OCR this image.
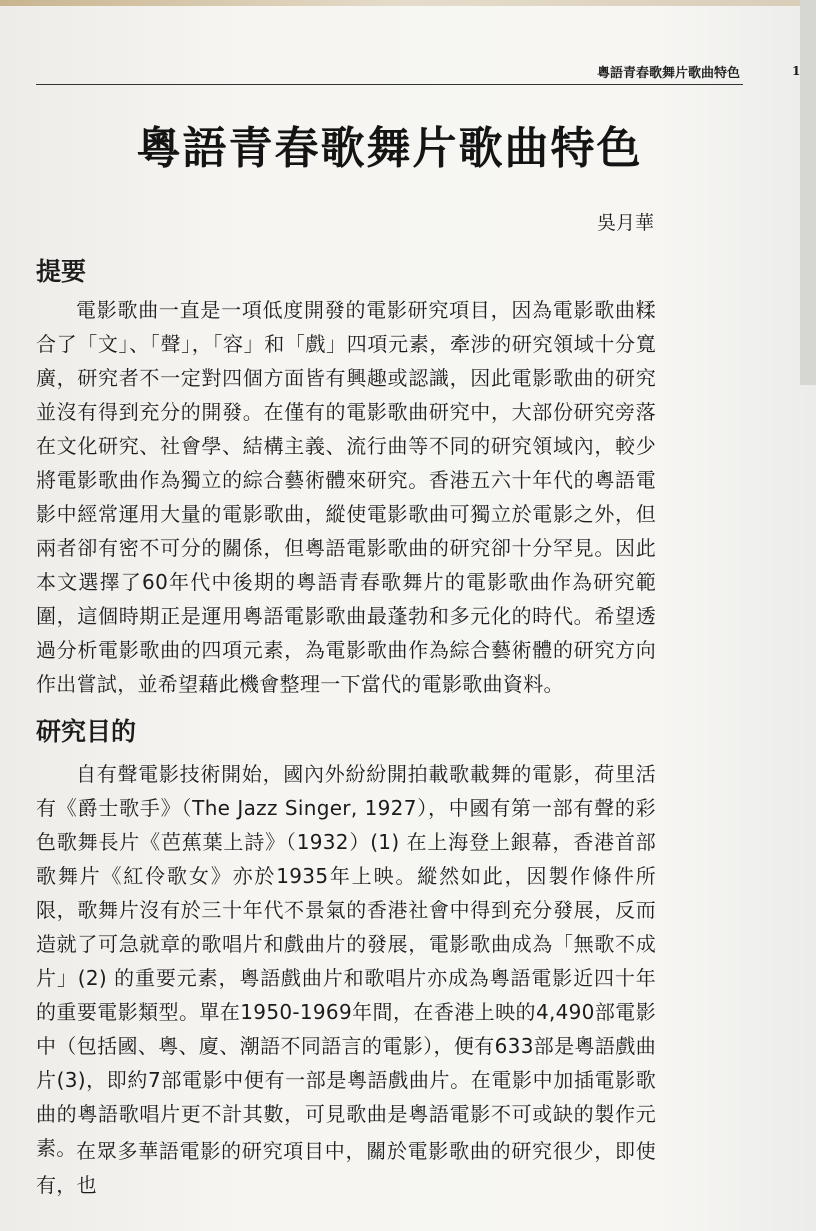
粵語青春歌舞片歌曲特色	1
粵語青春歌舞片歌曲特色
吳月華
提要
電影歌曲一直是一項低度開發的電影研究項目，因為電影歌曲糅合了「文」、「聲」，「容」和「戲」四項元素，牽涉的研究領域十分寬廣，研究者不一定對四個方面皆有興趣或認識，因此電影歌曲的研究並沒有得到充分的開發。在僅有的電影歌曲研究中，大部份研究旁落在文化研究、社會學、結構主義、流行曲等不同的研究領域內，較少將電影歌曲作為獨立的綜合藝術體來研究。香港五六十年代的粵語電影中經常運用大量的電影歌曲，縱使電影歌曲可獨立於電影之外，但兩者卻有密不可分的關係，但粵語電影歌曲的研究卻十分罕見。因此本文選擇了60年代中後期的粵語青春歌舞片的電影歌曲作為研究範圍，這個時期正是運用粵語電影歌曲最蓬勃和多元化的時代。希望透過分析電影歌曲的四項元素，為電影歌曲作為綜合藝術體的研究方向作出嘗試，並希望藉此機會整理一下當代的電影歌曲資料。
研究目的
自有聲電影技術開始，國內外紛紛開拍載歌載舞的電影，荷里活有《爵士歌手》（The Jazz Singer, 1927），中國有第一部有聲的彩色歌舞長片《芭蕉葉上詩》（1932）(1) 在上海登上銀幕，香港首部歌舞片《紅伶歌女》亦於1935年上映。縱然如此，因製作條件所限，歌舞片沒有於三十年代不景氣的香港社會中得到充分發展，反而造就了可急就章的歌唱片和戲曲片的發展，電影歌曲成為「無歌不成片」(2) 的重要元素，粵語戲曲片和歌唱片亦成為粵語電影近四十年的重要電影類型。單在1950-1969年間，在香港上映的4,490部電影中（包括國、粵、廈、潮語不同語言的電影），便有633部是粵語戲曲片(3)，即約7部電影中便有一部是粵語戲曲片。在電影中加插電影歌曲的粵語歌唱片更不計其數，可見歌曲是粵語電影不可或缺的製作元素。 在眾多華語電影的研究項目中，關於電影歌曲的研究很少，即使有，也
